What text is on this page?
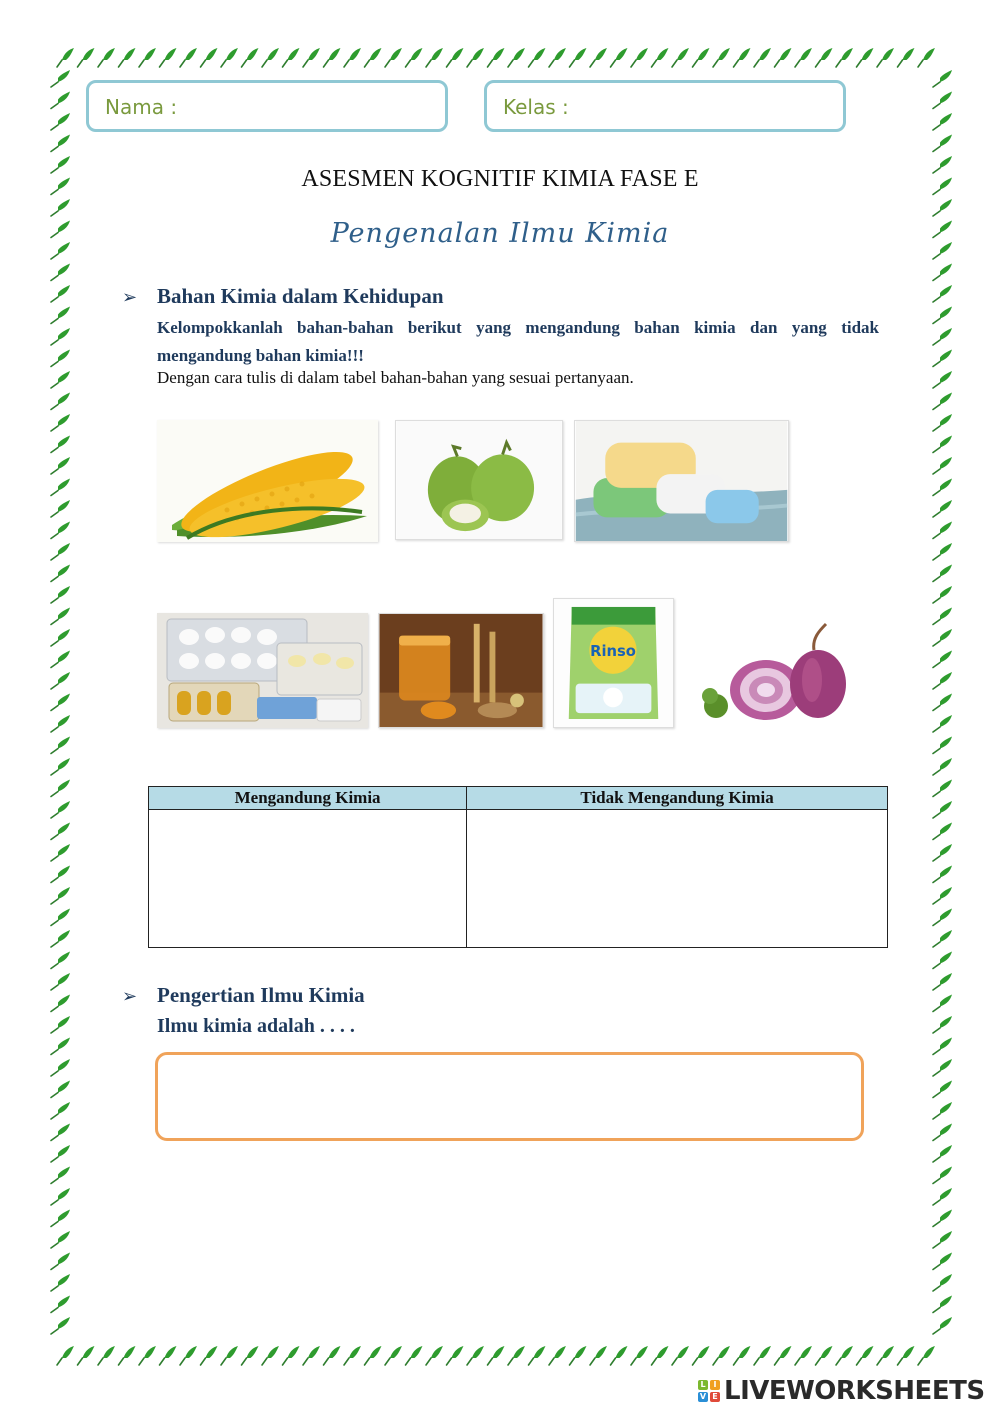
Nama :	Kelas :
ASESMEN KOGNITIF KIMIA FASE E
Pengenalan Ilmu Kimia
➢ Bahan Kimia dalam Kehidupan
Kelompokkanlah bahan-bahan berikut yang mengandung bahan kimia dan yang tidak mengandung bahan kimia!!!
Dengan cara tulis di dalam tabel bahan-bahan yang sesuai pertanyaan.
Rinso
Mengandung Kimia	Tidak Mengandung Kimia

➢ Pengertian Ilmu Kimia
Ilmu kimia adalah . . . .
L I
V E LIVEWORKSHEETS
